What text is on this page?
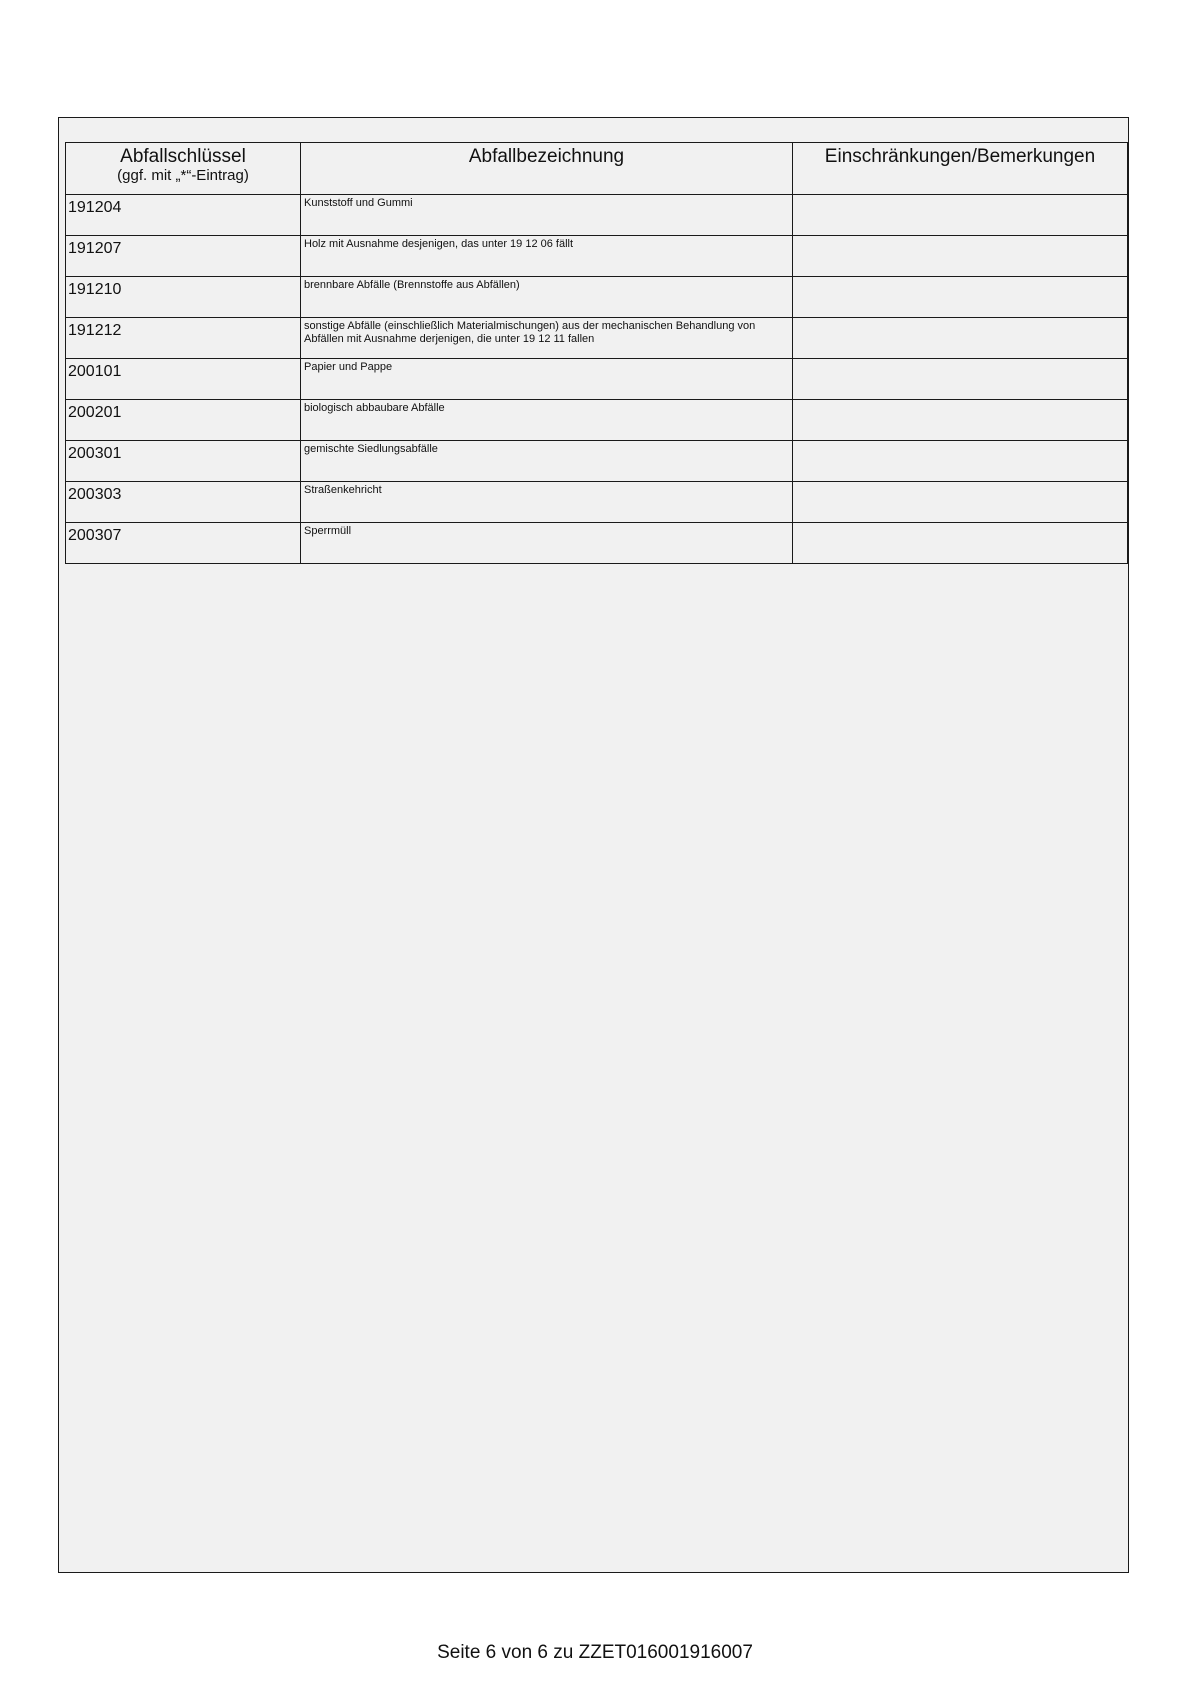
Abfallschlüssel
(ggf. mit „*“-Eintrag)	Abfallbezeichnung	Einschränkungen/Bemerkungen

191204	Kunststoff und Gummi	

191207	Holz mit Ausnahme desjenigen, das unter 19 12 06 fällt	

191210	brennbare Abfälle (Brennstoffe aus Abfällen)	

191212	sonstige Abfälle (einschließlich Materialmischungen) aus der mechanischen Behandlung von Abfällen mit Ausnahme derjenigen, die unter 19 12 11 fallen	

200101	Papier und Pappe	

200201	biologisch abbaubare Abfälle	

200301	gemischte Siedlungsabfälle	

200303	Straßenkehricht	

200307	Sperrmüll	

Seite 6 von 6 zu ZZET016001916007
